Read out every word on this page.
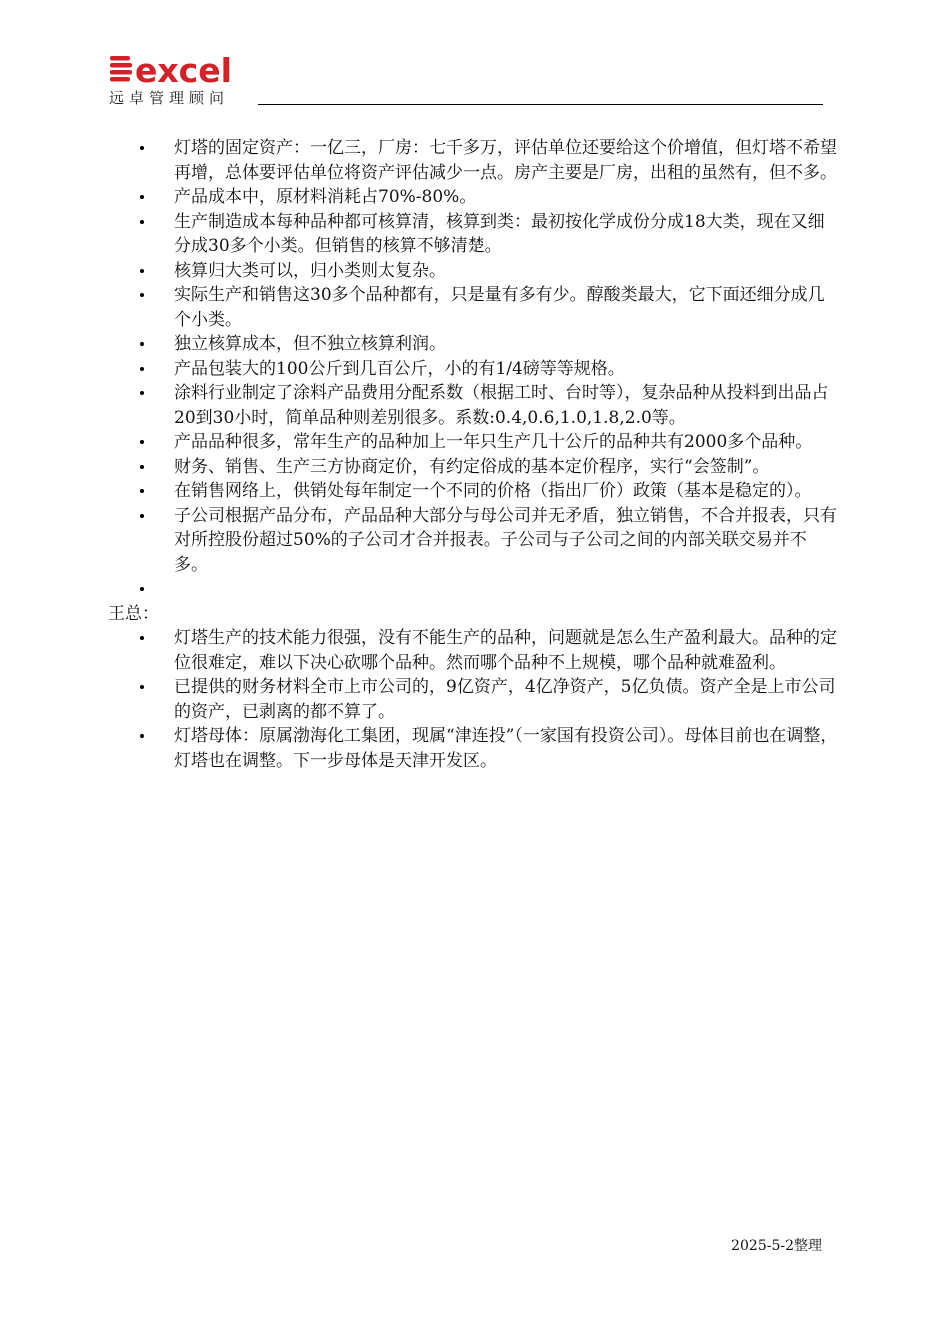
excel
远卓管理顾问
灯塔的固定资产：一亿三，厂房：七千多万，评估单位还要给这个价增值，但灯塔不希望再增，总体要评估单位将资产评估减少一点。房产主要是厂房，出租的虽然有，但不多。
产品成本中，原材料消耗占70%-80%。
生产制造成本每种品种都可核算清，核算到类：最初按化学成份分成18大类，现在又细分成30多个小类。但销售的核算不够清楚。
核算归大类可以，归小类则太复杂。
实际生产和销售这30多个品种都有，只是量有多有少。醇酸类最大，它下面还细分成几个小类。
独立核算成本，但不独立核算利润。
产品包装大的100公斤到几百公斤，小的有1/4磅等等规格。
涂料行业制定了涂料产品费用分配系数（根据工时、台时等），复杂品种从投料到出品占20到30小时，简单品种则差别很多。系数:0.4,0.6,1.0,1.8,2.0等。
产品品种很多，常年生产的品种加上一年只生产几十公斤的品种共有2000多个品种。
财务、销售、生产三方协商定价，有约定俗成的基本定价程序，实行“会签制”。
在销售网络上，供销处每年制定一个不同的价格（指出厂价）政策（基本是稳定的）。
子公司根据产品分布，产品品种大部分与母公司并无矛盾，独立销售，不合并报表，只有对所控股份超过50%的子公司才合并报表。子公司与子公司之间的内部关联交易并不多。

王总：

灯塔生产的技术能力很强，没有不能生产的品种，问题就是怎么生产盈利最大。品种的定位很难定，难以下决心砍哪个品种。然而哪个品种不上规模，哪个品种就难盈利。
已提供的财务材料全市上市公司的，9亿资产，4亿净资产，5亿负债。资产全是上市公司的资产，已剥离的都不算了。
灯塔母体：原属渤海化工集团，现属“津连投”（一家国有投资公司）。母体目前也在调整，灯塔也在调整。下一步母体是天津开发区。
2025-5-2整理
